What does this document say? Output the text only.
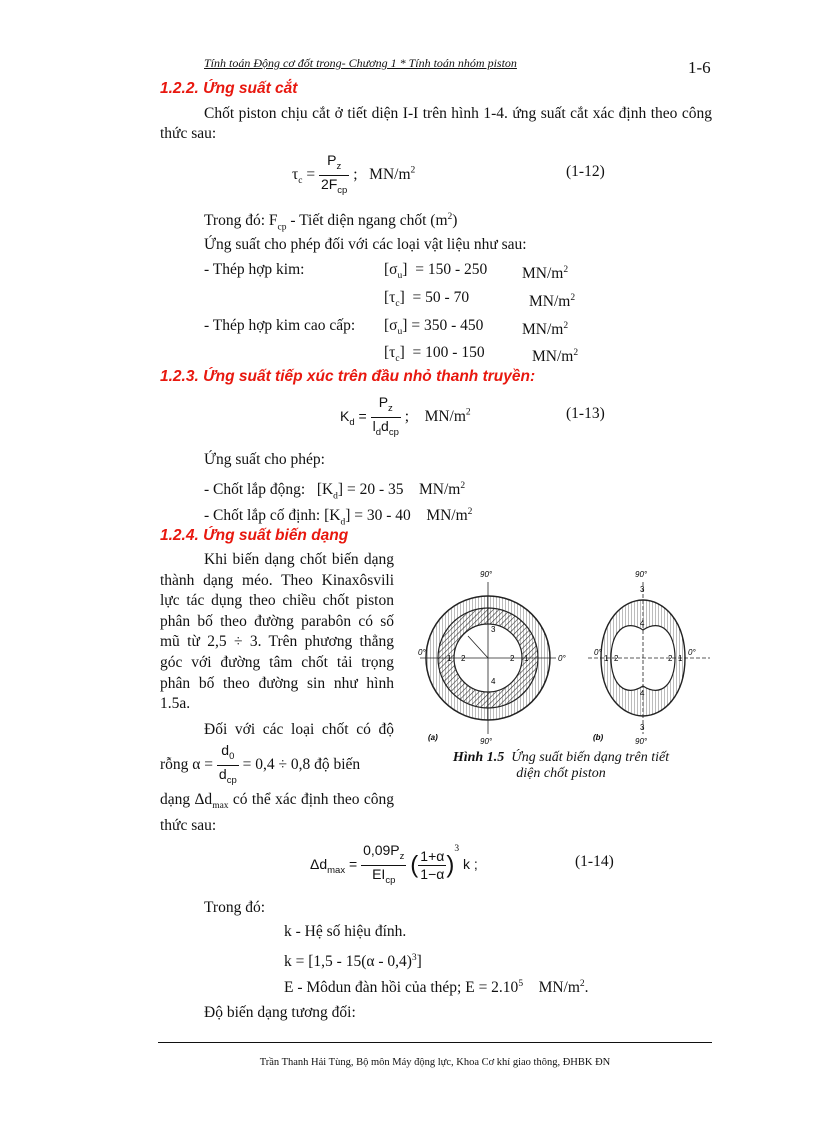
Tính toán Động cơ đốt trong- Chương 1 * Tính toán nhóm piston	1-6
1.2.2. Ứng suất cắt
Chốt piston chịu cắt ở tiết diện I-I trên hình 1-4. ứng suất cắt xác định theo công thức sau:
$\tau_c = \frac{P_z}{2F_{cp}}$ ;   $MN/m^2$	(1-12)
Trong đó: $F_{cp}$ - Tiết diện ngang chốt $(m^2)$
Ứng suất cho phép đối với các loại vật liệu như sau:
- Thép hợp kim:	$[\sigma_u] = 150 - 250$ $MN/m^2$
$[\tau_c] = 50 - 70$	$MN/m^2$
- Thép hợp kim cao cấp: $[\sigma_u] = 350 - 450$ $MN/m^2$
$[\tau_c] = 100 - 150$	$MN/m^2$
1.2.3. Ứng suất tiếp xúc trên đầu nhỏ thanh truyền:
$K_d = \frac{P_z}{l_dd_{cp}}$ ;    $MN/m^2$	(1-13)
Ứng suất cho phép:
- Chốt lắp động:   $[K_d] = 20 - 35$ $MN/m^2$
- Chốt lắp cố định: $[K_d] = 30 - 40$ $MN/m^2$
1.2.4. Ứng suất biến dạng
Khi biến dạng chốt biến dạng thành dạng méo. Theo Kinaxôsvili lực tác dụng theo chiều chốt piston phân bố theo đường parabôn có số mũ từ 2,5 ÷ 3. Trên phương thẳng góc với đường tâm chốt tải trọng phân bố theo đường sin như hình 1.5a.
Đối với các loại chốt có độ
rỗng $\alpha = \frac{d_0}{d_{cp}} = 0,4 \div 0,8$ độ biến
dạng $\Delta d_{max}$ có thể xác định theo công thức sau:
$\Delta d_{max} = \frac{0,09P_z}{EI_{cp}}$ ( $\frac{1+\alpha}{1-\alpha} )^3$ k ;	(1-14)
Trong đó:
k - Hệ số hiệu đính.
k = [1,5 - 15(α - 0,4)$^3$]
E - Môdun đàn hồi của thép; $E = 2.10^5$ $MN/m^2$.
Độ biến dạng tương đối:
90°
90°
0°
0°
1 2	2 1
3
4
(a)
90°
90°
0°	0°
3
3
4
4
2	2
1	1
(b)
Hình 1.5 Ứng suất biến dạng trên tiết diện chốt piston
Trần Thanh Hải Tùng, Bộ môn Máy động lực, Khoa Cơ khí giao thông, ĐHBK ĐN
